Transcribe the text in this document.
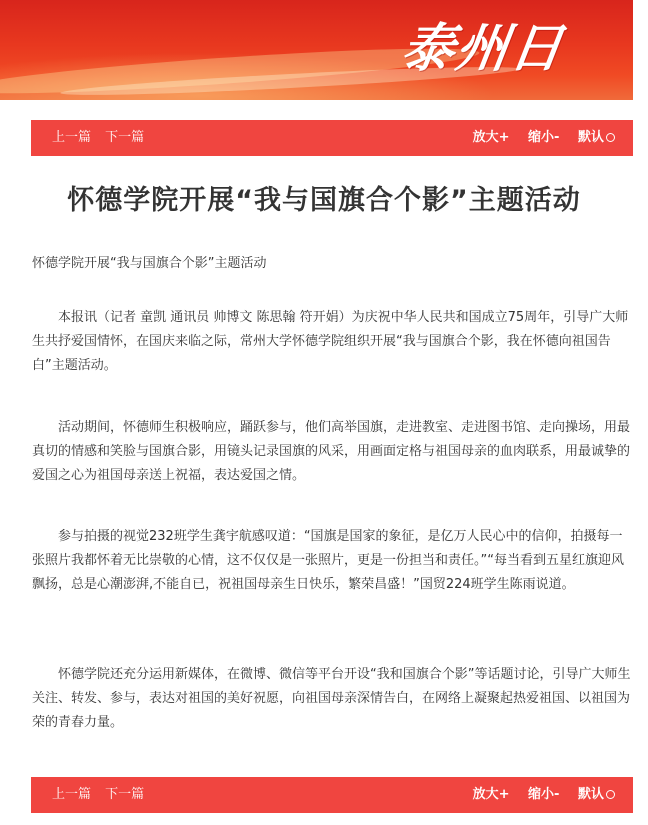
泰州日报
上一篇 下一篇	放大+ 缩小- 默认
怀德学院开展“我与国旗合个影”主题活动
怀德学院开展“我与国旗合个影”主题活动
本报讯（记者 童凯 通讯员 帅博文 陈思翰 符开娟）为庆祝中华人民共和国成立75周年，引导广大师生共抒爱国情怀，在国庆来临之际，常州大学怀德学院组织开展“我与国旗合个影，我在怀德向祖国告白”主题活动。
活动期间，怀德师生积极响应，踊跃参与，他们高举国旗，走进教室、走进图书馆、走向操场，用最真切的情感和笑脸与国旗合影，用镜头记录国旗的风采，用画面定格与祖国母亲的血肉联系，用最诚挚的爱国之心为祖国母亲送上祝福，表达爱国之情。
参与拍摄的视觉232班学生龚宇航感叹道：“国旗是国家的象征，是亿万人民心中的信仰，拍摄每一张照片我都怀着无比崇敬的心情，这不仅仅是一张照片，更是一份担当和责任。”“每当看到五星红旗迎风飘扬，总是心潮澎湃,不能自已，祝祖国母亲生日快乐，繁荣昌盛！”国贸224班学生陈雨说道。
怀德学院还充分运用新媒体，在微博、微信等平台开设“我和国旗合个影”等话题讨论，引导广大师生关注、转发、参与，表达对祖国的美好祝愿，向祖国母亲深情告白，在网络上凝聚起热爱祖国、以祖国为荣的青春力量。
上一篇 下一篇	放大+ 缩小- 默认
